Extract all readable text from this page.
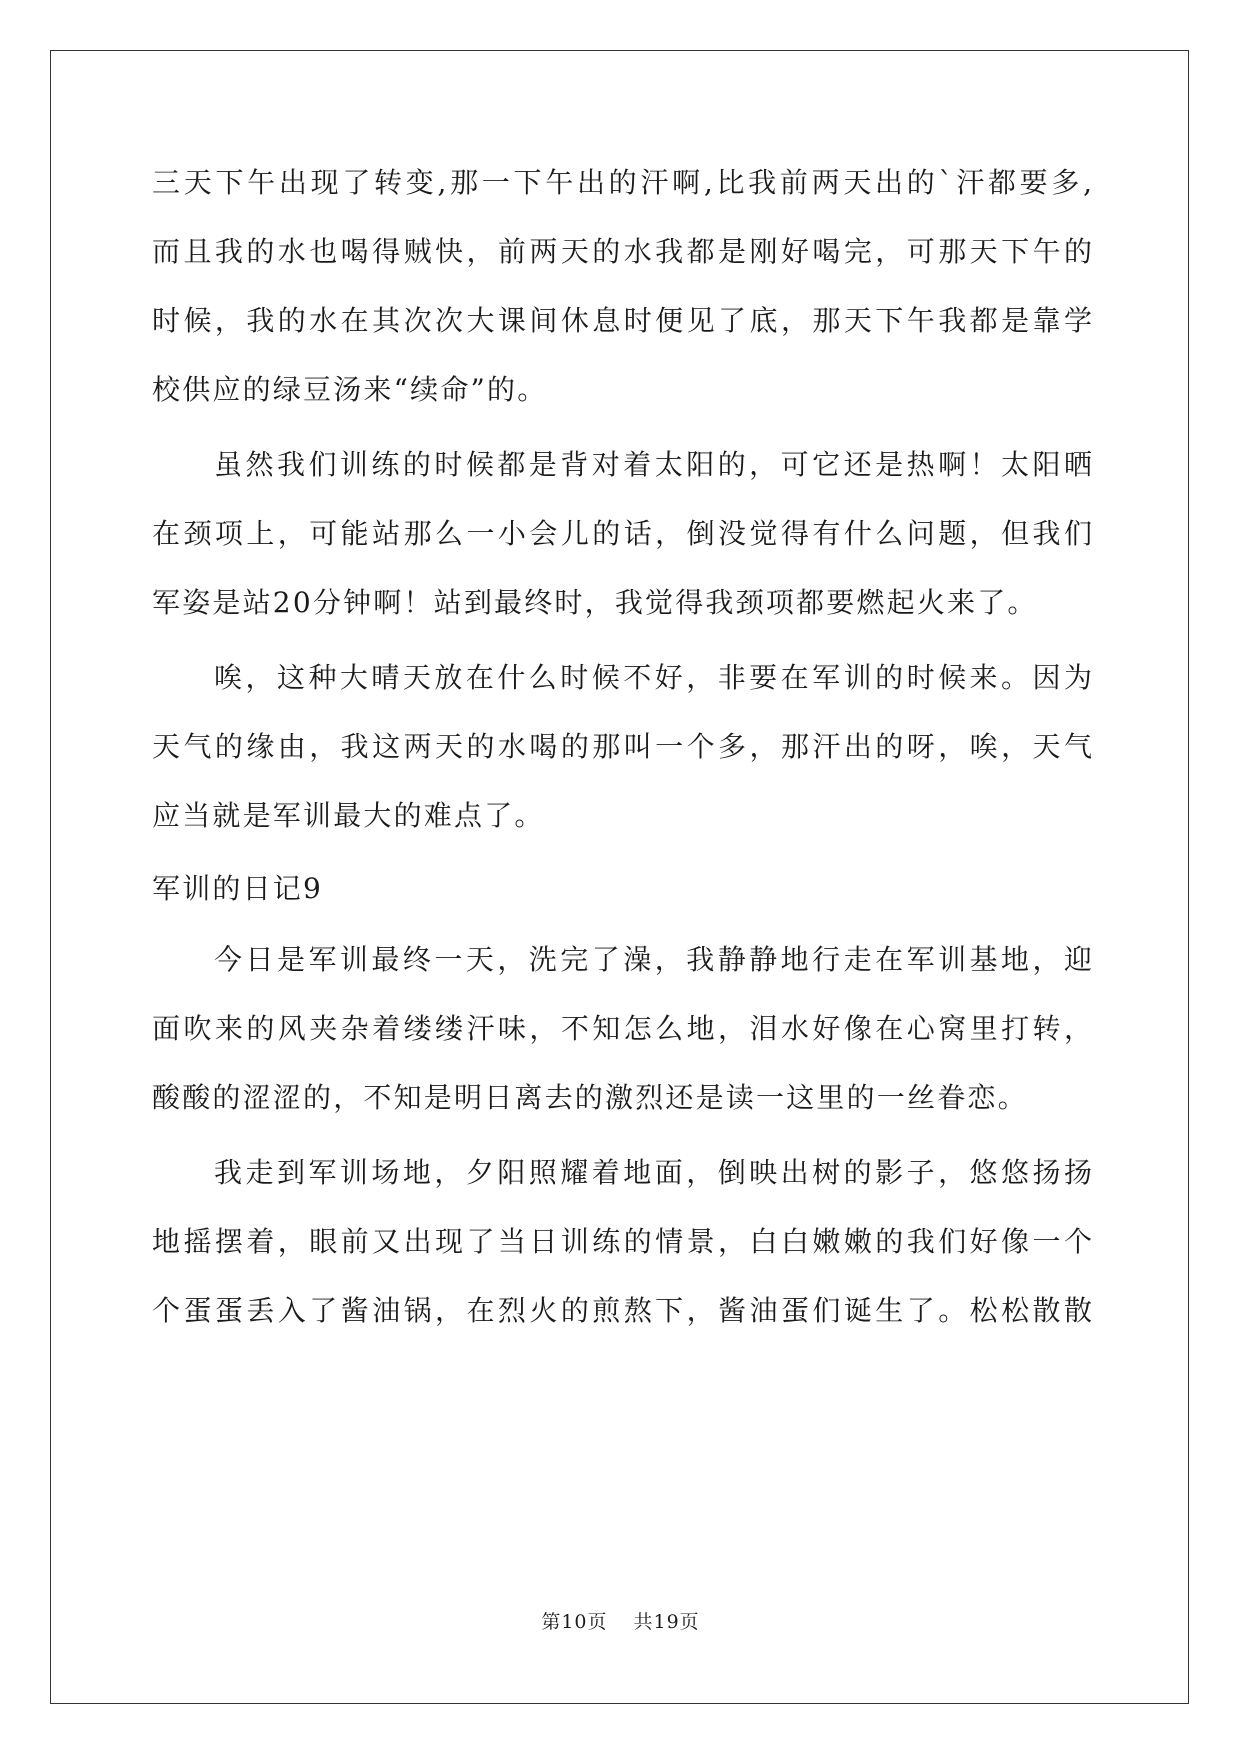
三天下午出现了转变,那一下午出的汗啊,比我前两天出的`汗都要多,
而且我的水也喝得贼快，前两天的水我都是刚好喝完，可那天下午的
时候，我的水在其次次大课间休息时便见了底，那天下午我都是靠学
校供应的绿豆汤来“续命”的。
虽然我们训练的时候都是背对着太阳的，可它还是热啊！太阳晒
在颈项上，可能站那么一小会儿的话，倒没觉得有什么问题，但我们
军姿是站20分钟啊！站到最终时，我觉得我颈项都要燃起火来了。
唉，这种大晴天放在什么时候不好，非要在军训的时候来。因为
天气的缘由，我这两天的水喝的那叫一个多，那汗出的呀，唉，天气
应当就是军训最大的难点了。
军训的日记9
今日是军训最终一天，洗完了澡，我静静地行走在军训基地，迎
面吹来的风夹杂着缕缕汗味，不知怎么地，泪水好像在心窝里打转，
酸酸的涩涩的，不知是明日离去的激烈还是读一这里的一丝眷恋。
我走到军训场地，夕阳照耀着地面，倒映出树的影子，悠悠扬扬
地摇摆着，眼前又出现了当日训练的情景，白白嫩嫩的我们好像一个
个蛋蛋丢入了酱油锅，在烈火的煎熬下，酱油蛋们诞生了。松松散散
第10页 共19页
